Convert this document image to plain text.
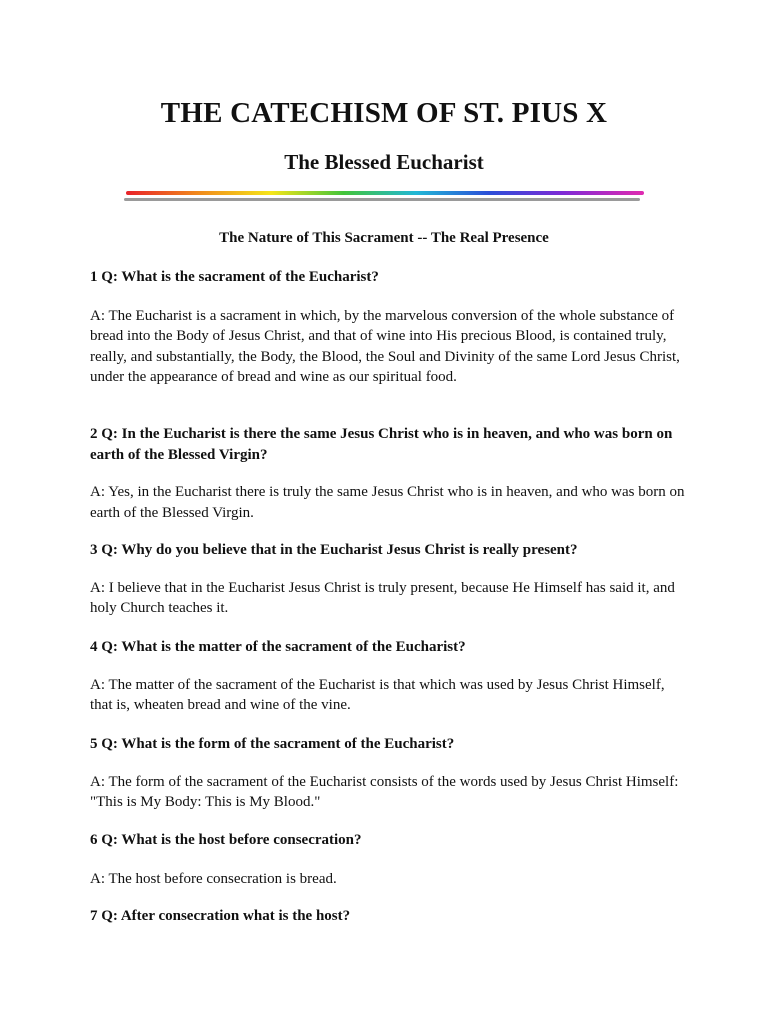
THE CATECHISM OF ST. PIUS X
The Blessed Eucharist
The Nature of This Sacrament -- The Real Presence
1 Q: What is the sacrament of the Eucharist?
A: The Eucharist is a sacrament in which, by the marvelous conversion of the whole substance of bread into the Body of Jesus Christ, and that of wine into His precious Blood, is contained truly, really, and substantially, the Body, the Blood, the Soul and Divinity of the same Lord Jesus Christ, under the appearance of bread and wine as our spiritual food.
2 Q: In the Eucharist is there the same Jesus Christ who is in heaven, and who was born on earth of the Blessed Virgin?
A: Yes, in the Eucharist there is truly the same Jesus Christ who is in heaven, and who was born on earth of the Blessed Virgin.
3 Q: Why do you believe that in the Eucharist Jesus Christ is really present?
A: I believe that in the Eucharist Jesus Christ is truly present, because He Himself has said it, and holy Church teaches it.
4 Q: What is the matter of the sacrament of the Eucharist?
A: The matter of the sacrament of the Eucharist is that which was used by Jesus Christ Himself, that is, wheaten bread and wine of the vine.
5 Q: What is the form of the sacrament of the Eucharist?
A: The form of the sacrament of the Eucharist consists of the words used by Jesus Christ Himself: "This is My Body: This is My Blood."
6 Q: What is the host before consecration?
A: The host before consecration is bread.
7 Q: After consecration what is the host?
